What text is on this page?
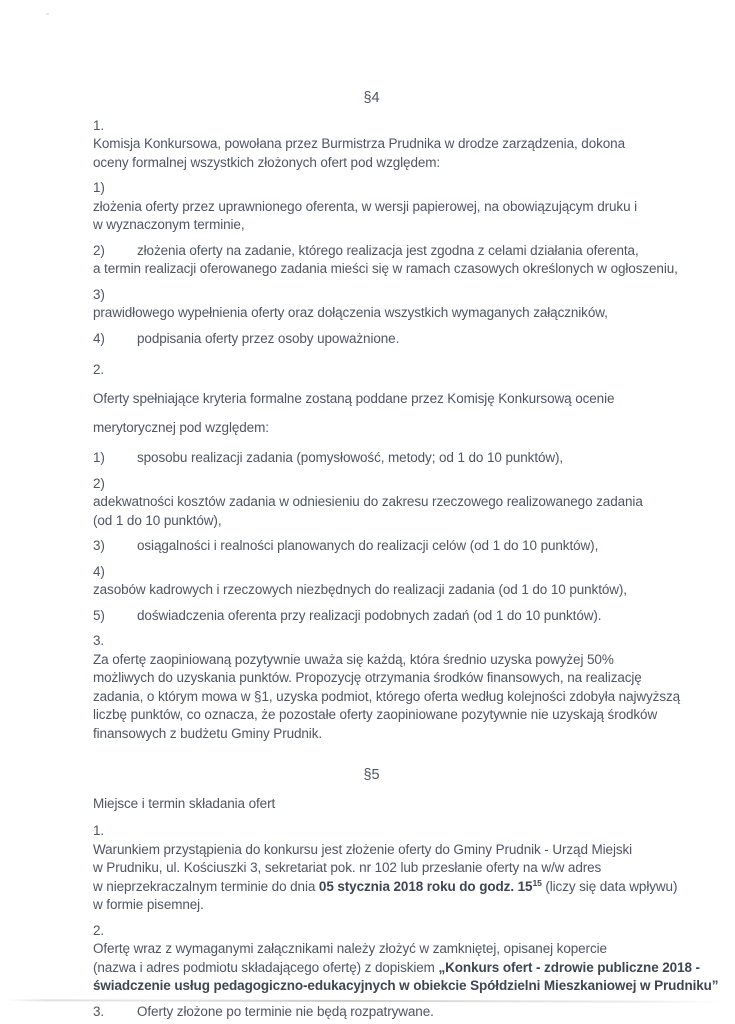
§4

1.Komisja Konkursowa, powołana przez Burmistrza Prudnika w drodze zarządzenia, dokona
oceny formalnej wszystkich złożonych ofert pod względem:

1)złożenia oferty przez uprawnionego oferenta, w wersji papierowej, na obowiązującym druku i
w wyznaczonym terminie,

2) złożenia oferty na zadanie, którego realizacja jest zgodna z celami działania oferenta,
a termin realizacji oferowanego zadania mieści się w ramach czasowych określonych w ogłoszeniu,

3)prawidłowego wypełnienia oferty oraz dołączenia wszystkich wymaganych załączników,

4) podpisania oferty przez osoby upoważnione.

2.Oferty spełniające kryteria formalne zostaną poddane przez Komisję Konkursową ocenie
merytorycznej pod względem:

1) sposobu realizacji zadania (pomysłowość, metody; od 1 do 10 punktów),

2)adekwatności kosztów zadania w odniesieniu do zakresu rzeczowego realizowanego zadania
(od 1 do 10 punktów),

3) osiągalności i realności planowanych do realizacji celów (od 1 do 10 punktów),

4)zasobów kadrowych i rzeczowych niezbędnych do realizacji zadania (od 1 do 10 punktów),

5) doświadczenia oferenta przy realizacji podobnych zadań (od 1 do 10 punktów).

3.Za ofertę zaopiniowaną pozytywnie uważa się każdą, która średnio uzyska powyżej 50%
możliwych do uzyskania punktów. Propozycję otrzymania środków finansowych, na realizację
zadania, o którym mowa w §1, uzyska podmiot, którego oferta według kolejności zdobyła najwyższą
liczbę punktów, co oznacza, że pozostałe oferty zaopiniowane pozytywnie nie uzyskają środków
finansowych z budżetu Gminy Prudnik.

§5

Miejsce i termin składania ofert

1.Warunkiem przystąpienia do konkursu jest złożenie oferty do Gminy Prudnik - Urząd Miejski
w Prudniku, ul. Kościuszki 3, sekretariat pok. nr 102 lub przesłanie oferty na w/w adres
w nieprzekraczalnym terminie do dnia 05 stycznia 2018 roku do godz. $15^{15}$ (liczy się data wpływu)
w formie pisemnej.

2.Ofertę wraz z wymaganymi załącznikami należy złożyć w zamkniętej, opisanej kopercie
(nazwa i adres podmiotu składającego ofertę) z dopiskiem „Konkurs ofert - zdrowie publiczne 2018 -
świadczenie usług pedagogiczno-edukacyjnych w obiekcie Spółdzielni Mieszkaniowej w Prudniku”

3. Oferty złożone po terminie nie będą rozpatrywane.
